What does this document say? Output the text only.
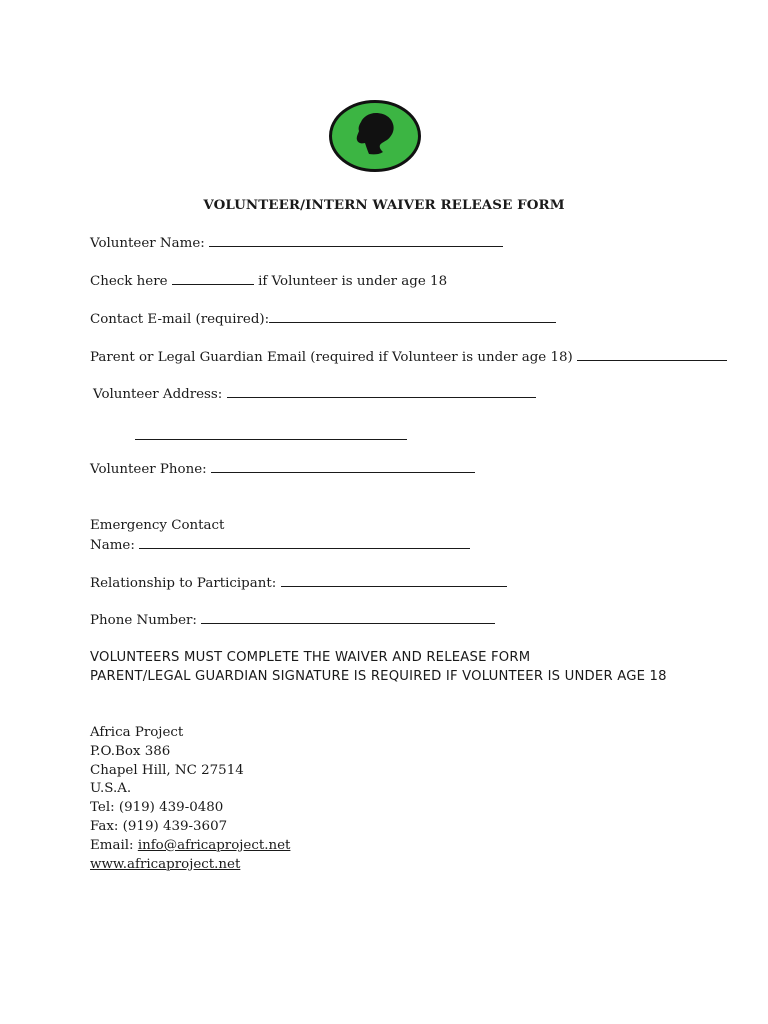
VOLUNTEER/INTERN WAIVER RELEASE FORM
Volunteer Name:
Check here	if Volunteer is under age 18
Contact E-mail (required):
Parent or Legal Guardian Email (required if Volunteer is under age 18)
Volunteer Address:
Volunteer Phone:
Emergency Contact
Name:
Relationship to Participant:
Phone Number:
VOLUNTEERS MUST COMPLETE THE WAIVER AND RELEASE FORM
PARENT/LEGAL GUARDIAN SIGNATURE IS REQUIRED IF VOLUNTEER IS UNDER AGE 18
Africa Project
P.O.Box 386
Chapel Hill, NC 27514
U.S.A.
Tel: (919) 439-0480
Fax: (919) 439-3607
Email: info@africaproject.net
www.africaproject.net
